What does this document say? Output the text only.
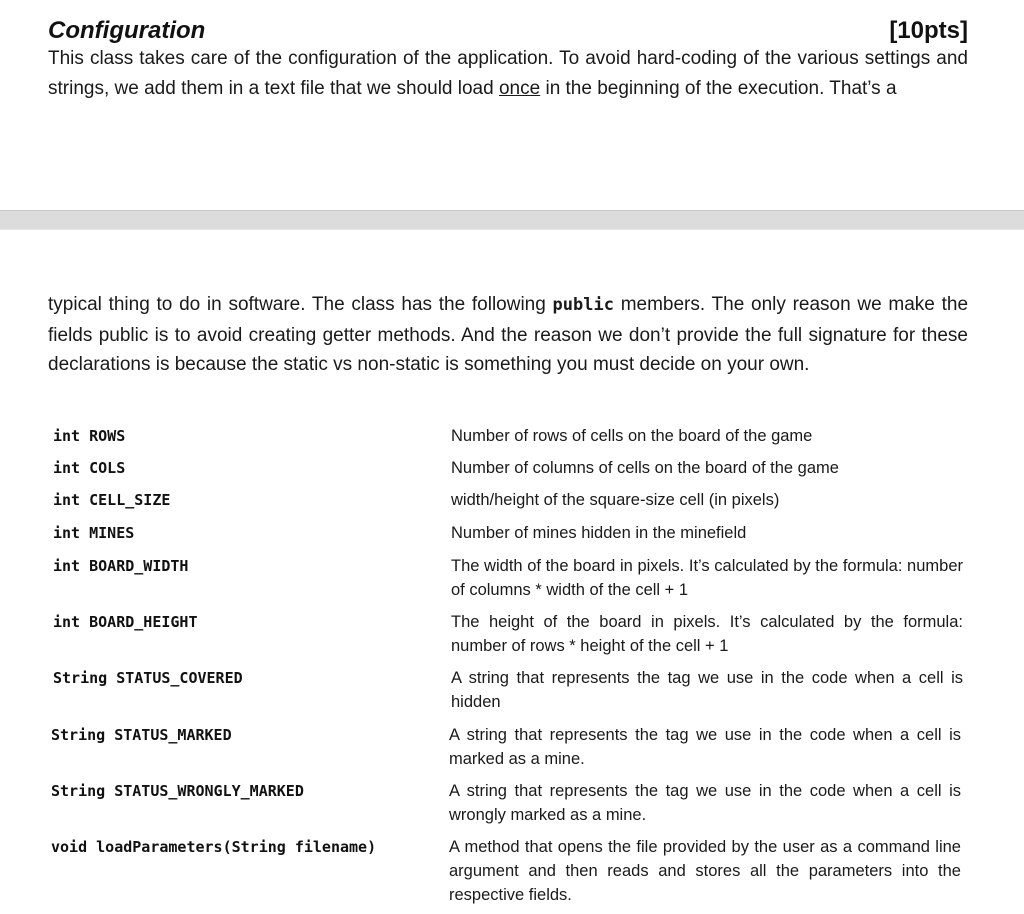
Configuration	[10pts]
This class takes care of the configuration of the application. To avoid hard-coding of the various settings and strings, we add them in a text file that we should load once in the beginning of the execution. That’s a
typical thing to do in software. The class has the following public members. The only reason we make the fields public is to avoid creating getter methods. And the reason we don’t provide the full signature for these declarations is because the static vs non-static is something you must decide on your own.
int ROWS	Number of rows of cells on the board of the game
int COLS	Number of columns of cells on the board of the game
int CELL_SIZE	width/height of the square-size cell (in pixels)
int MINES	Number of mines hidden in the minefield
int BOARD_WIDTH	The width of the board in pixels. It’s calculated by the formula: number of columns * width of the cell + 1
int BOARD_HEIGHT	The height of the board in pixels. It’s calculated by the formula: number of rows * height of the cell + 1
String STATUS_COVERED	A string that represents the tag we use in the code when a cell is hidden
String STATUS_MARKED	A string that represents the tag we use in the code when a cell is marked as a mine.
String STATUS_WRONGLY_MARKED	A string that represents the tag we use in the code when a cell is wrongly marked as a mine.
void loadParameters(String filename)	A method that opens the file provided by the user as a command line argument and then reads and stores all the parameters into the respective fields.
